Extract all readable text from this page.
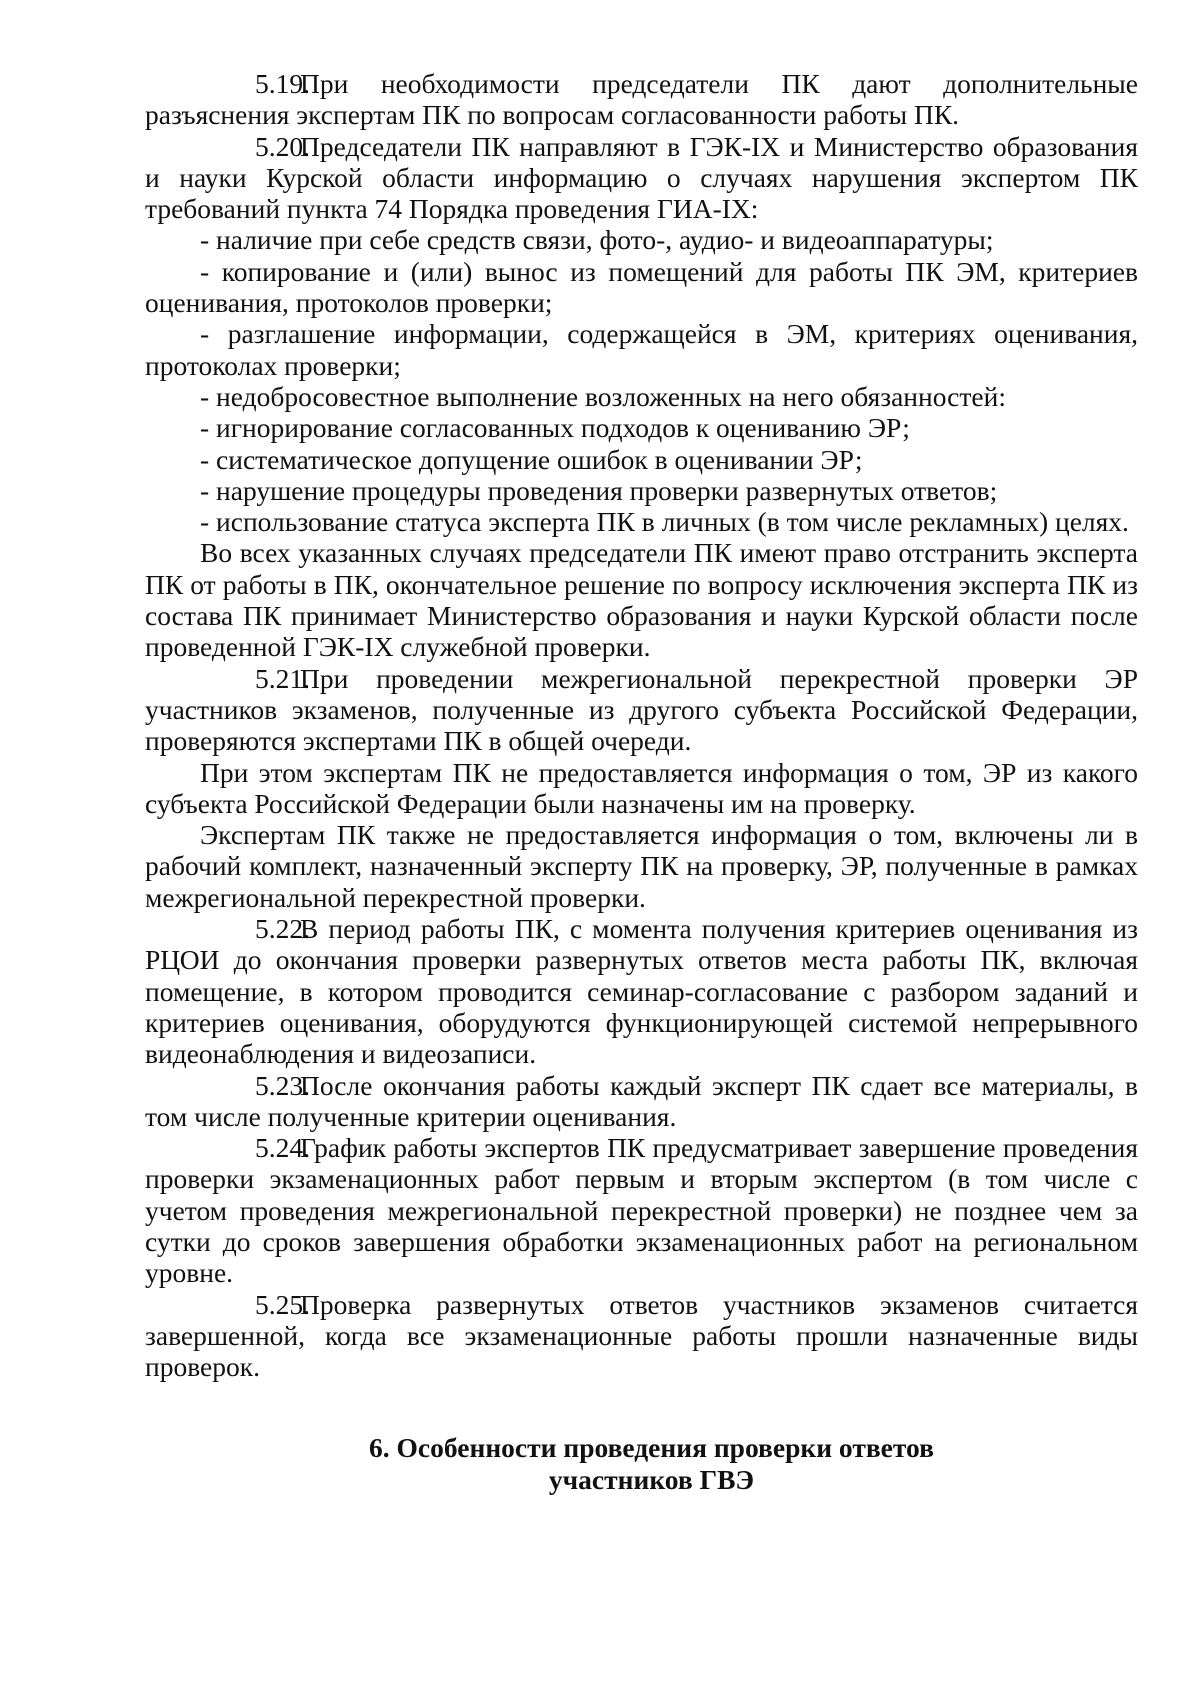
5.19.При необходимости председатели ПК дают дополнительные разъяснения экспертам ПК по вопросам согласованности работы ПК.

5.20.Председатели ПК направляют в ГЭК-IX и Министерство образования и науки Курской области информацию о случаях нарушения экспертом ПК требований пункта 74 Порядка проведения ГИА-IX:

- наличие при себе средств связи, фото-, аудио- и видеоаппаратуры;

- копирование и (или) вынос из помещений для работы ПК ЭМ, критериев оценивания, протоколов проверки;

- разглашение информации, содержащейся в ЭМ, критериях оценивания, протоколах проверки;

- недобросовестное выполнение возложенных на него обязанностей:

- игнорирование согласованных подходов к оцениванию ЭР;

- систематическое допущение ошибок в оценивании ЭР;

- нарушение процедуры проведения проверки развернутых ответов;

- использование статуса эксперта ПК в личных (в том числе рекламных) целях.

Во всех указанных случаях председатели ПК имеют право отстранить эксперта ПК от работы в ПК, окончательное решение по вопросу исключения эксперта ПК из состава ПК принимает Министерство образования и науки Курской области после проведенной ГЭК-IX служебной проверки.

5.21.При проведении межрегиональной перекрестной проверки ЭР участников экзаменов, полученные из другого субъекта Российской Федерации, проверяются экспертами ПК в общей очереди.

При этом экспертам ПК не предоставляется информация о том, ЭР из какого субъекта Российской Федерации были назначены им на проверку.

Экспертам ПК также не предоставляется информация о том, включены ли в рабочий комплект, назначенный эксперту ПК на проверку, ЭР, полученные в рамках межрегиональной перекрестной проверки.

5.22.В период работы ПК, с момента получения критериев оценивания из РЦОИ до окончания проверки развернутых ответов места работы ПК, включая помещение, в котором проводится семинар-согласование с разбором заданий и критериев оценивания, оборудуются функционирующей системой непрерывного видеонаблюдения и видеозаписи.

5.23.После окончания работы каждый эксперт ПК сдает все материалы, в том числе полученные критерии оценивания.

5.24.График работы экспертов ПК предусматривает завершение проведения проверки экзаменационных работ первым и вторым экспертом (в том числе с учетом проведения межрегиональной перекрестной проверки) не позднее чем за сутки до сроков завершения обработки экзаменационных работ на региональном уровне.

5.25.Проверка развернутых ответов участников экзаменов считается завершенной, когда все экзаменационные работы прошли назначенные виды проверок.

6. Особенности проведения проверки ответов
участников ГВЭ
